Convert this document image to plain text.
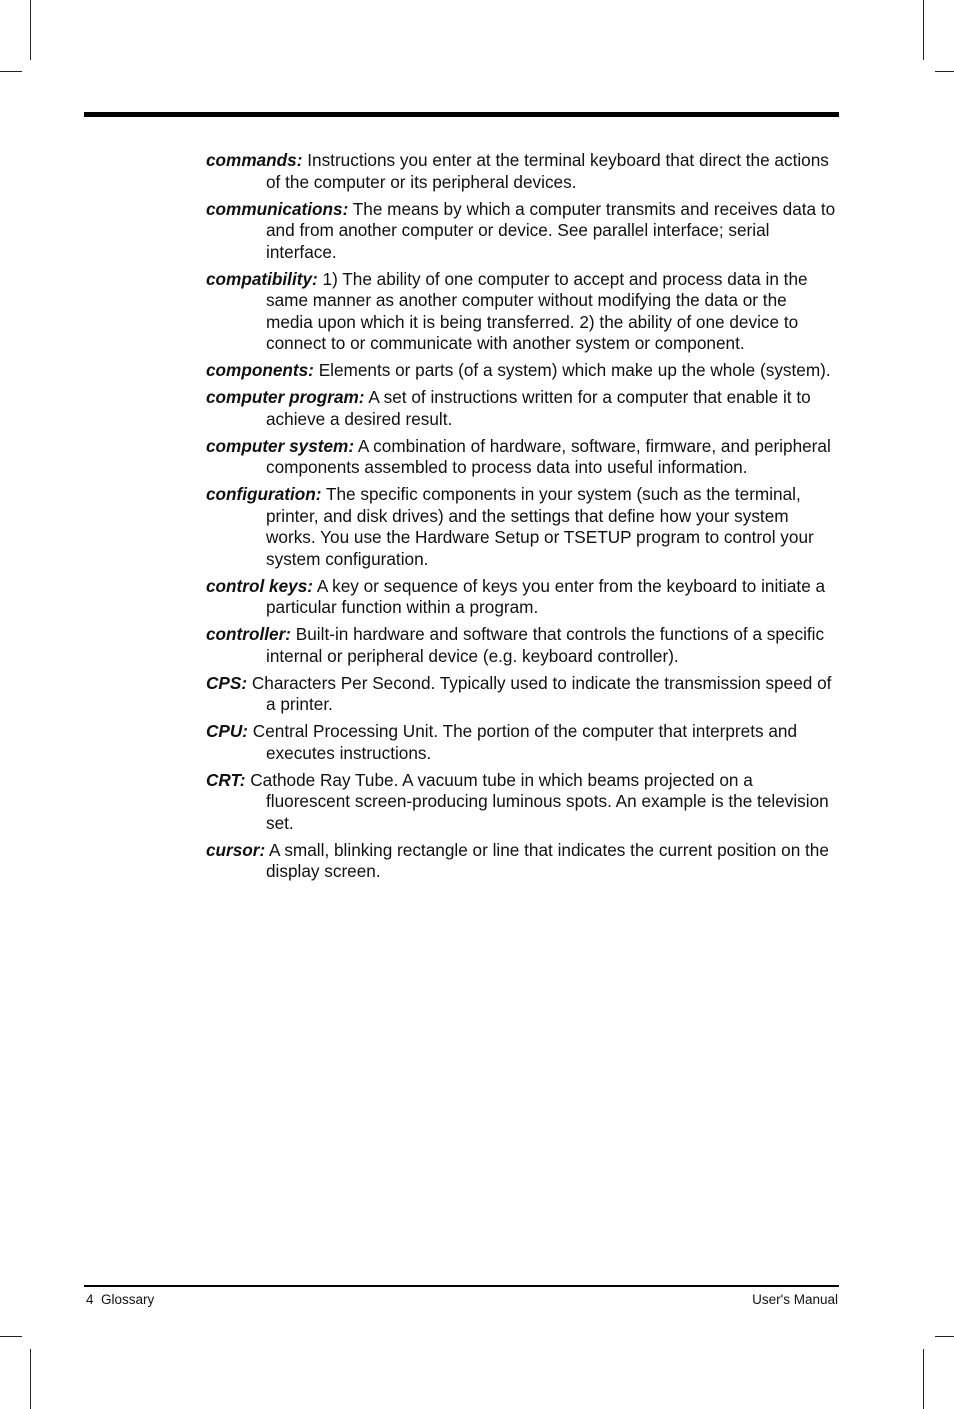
commands: Instructions you enter at the terminal keyboard that direct the actions of the computer or its peripheral devices.

communications: The means by which a computer transmits and receives data to and from another computer or device. See parallel interface; serial interface.

compatibility: 1) The ability of one computer to accept and process data in the same manner as another computer without modifying the data or the media upon which it is being transferred. 2) the ability of one device to connect to or communicate with another system or component.

components: Elements or parts (of a system) which make up the whole (system).

computer program: A set of instructions written for a computer that enable it to achieve a desired result.

computer system: A combination of hardware, software, firmware, and peripheral components assembled to process data into useful information.

configuration: The specific components in your system (such as the terminal, printer, and disk drives) and the settings that define how your system works. You use the Hardware Setup or TSETUP program to control your system configuration.

control keys: A key or sequence of keys you enter from the keyboard to initiate a particular function within a program.

controller: Built-in hardware and software that controls the functions of a specific internal or peripheral device (e.g. keyboard controller).

CPS: Characters Per Second. Typically used to indicate the transmission speed of a printer.

CPU: Central Processing Unit. The portion of the computer that interprets and executes instructions.

CRT: Cathode Ray Tube. A vacuum tube in which beams projected on a fluorescent screen-producing luminous spots. An example is the television set.

cursor: A small, blinking rectangle or line that indicates the current position on the display screen.

4  Glossary	User's Manual
